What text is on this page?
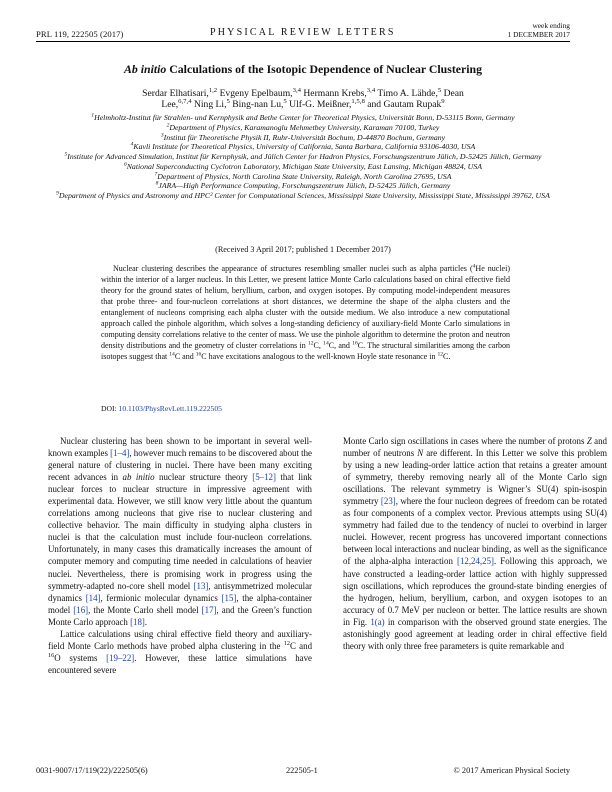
PRL 119, 222505 (2017)	PHYSICAL REVIEW LETTERS
week ending
1 DECEMBER 2017
Ab initio Calculations of the Isotopic Dependence of Nuclear Clustering
Serdar Elhatisari,$^{1,2}$ Evgeny Epelbaum,$^{3,4}$ Hermann Krebs,$^{3,4}$ Timo A. Lähde,$^5$ Dean Lee,$^{6,7,4}$ Ning Li,$^5$ Bing-nan Lu,$^5$ Ulf-G. Meißner,$^{1,5,8}$ and Gautam Rupak$^9$
$^1$Helmholtz-Institut für Strahlen- und Kernphysik and Bethe Center for Theoretical Physics, Universität Bonn, D-53115 Bonn, Germany
$^2$Department of Physics, Karamanoglu Mehmetbey University, Karaman 70100, Turkey
$^3$Institut für Theoretische Physik II, Ruhr-Universität Bochum, D-44870 Bochum, Germany
$^4$Kavli Institute for Theoretical Physics, University of California, Santa Barbara, California 93106-4030, USA
$^5$Institute for Advanced Simulation, Institut für Kernphysik, and Jülich Center for Hadron Physics, Forschungszentrum Jülich, D-52425 Jülich, Germany
$^6$National Superconducting Cyclotron Laboratory, Michigan State University, East Lansing, Michigan 48824, USA
$^7$Department of Physics, North Carolina State University, Raleigh, North Carolina 27695, USA
$^8$JARA—High Performance Computing, Forschungszentrum Jülich, D-52425 Jülich, Germany
$^9$Department of Physics and Astronomy and HPC² Center for Computational Sciences, Mississippi State University, Mississippi State, Mississippi 39762, USA
(Received 3 April 2017; published 1 December 2017)
Nuclear clustering describes the appearance of structures resembling smaller nuclei such as alpha particles ($^4$He nuclei) within the interior of a larger nucleus. In this Letter, we present lattice Monte Carlo calculations based on chiral effective field theory for the ground states of helium, beryllium, carbon, and oxygen isotopes. By computing model-independent measures that probe three- and four-nucleon correlations at short distances, we determine the shape of the alpha clusters and the entanglement of nucleons comprising each alpha cluster with the outside medium. We also introduce a new computational approach called the pinhole algorithm, which solves a long-standing deficiency of auxiliary-field Monte Carlo simulations in computing density correlations relative to the center of mass. We use the pinhole algorithm to determine the proton and neutron density distributions and the geometry of cluster correlations in $^{12}$C, $^{14}$C, and $^{16}$C. The structural similarities among the carbon isotopes suggest that $^{14}$C and $^{16}$C have excitations analogous to the well-known Hoyle state resonance in $^{12}$C.
DOI: 10.1103/PhysRevLett.119.222505

Nuclear clustering has been shown to be important in several well-known examples [1–4], however much remains to be discovered about the general nature of clustering in nuclei. There have been many exciting recent advances in ab initio nuclear structure theory [5–12] that link nuclear forces to nuclear structure in impressive agreement with experimental data. However, we still know very little about the quantum correlations among nucleons that give rise to nuclear clustering and collective behavior. The main difficulty in studying alpha clusters in nuclei is that the calculation must include four-nucleon correlations. Unfortunately, in many cases this dramatically increases the amount of computer memory and computing time needed in calculations of heavier nuclei. Nevertheless, there is promising work in progress using the symmetry-adapted no-core shell model [13], antisymmetrized molecular dynamics [14], fermionic molecular dynamics [15], the alpha-container model [16], the Monte Carlo shell model [17], and the Green’s function Monte Carlo approach [18].

Lattice calculations using chiral effective field theory and auxiliary-field Monte Carlo methods have probed alpha clustering in the $^{12}$C and $^{16}$O systems [19–22]. However, these lattice simulations have encountered severe

Monte Carlo sign oscillations in cases where the number of protons Z and number of neutrons N are different. In this Letter we solve this problem by using a new leading-order lattice action that retains a greater amount of symmetry, thereby removing nearly all of the Monte Carlo sign oscillations. The relevant symmetry is Wigner’s SU(4) spin-isospin symmetry [23], where the four nucleon degrees of freedom can be rotated as four components of a complex vector. Previous attempts using SU(4) symmetry had failed due to the tendency of nuclei to overbind in larger nuclei. However, recent progress has uncovered important connections between local interactions and nuclear binding, as well as the significance of the alpha-alpha interaction [12,24,25]. Following this approach, we have constructed a leading-order lattice action with highly suppressed sign oscillations, which reproduces the ground-state binding energies of the hydrogen, helium, beryllium, carbon, and oxygen isotopes to an accuracy of 0.7 MeV per nucleon or better. The lattice results are shown in Fig. 1(a) in comparison with the observed ground state energies. The astonishingly good agreement at leading order in chiral effective field theory with only three free parameters is quite remarkable and

0031-9007/17/119(22)/222505(6)	222505-1	© 2017 American Physical Society
